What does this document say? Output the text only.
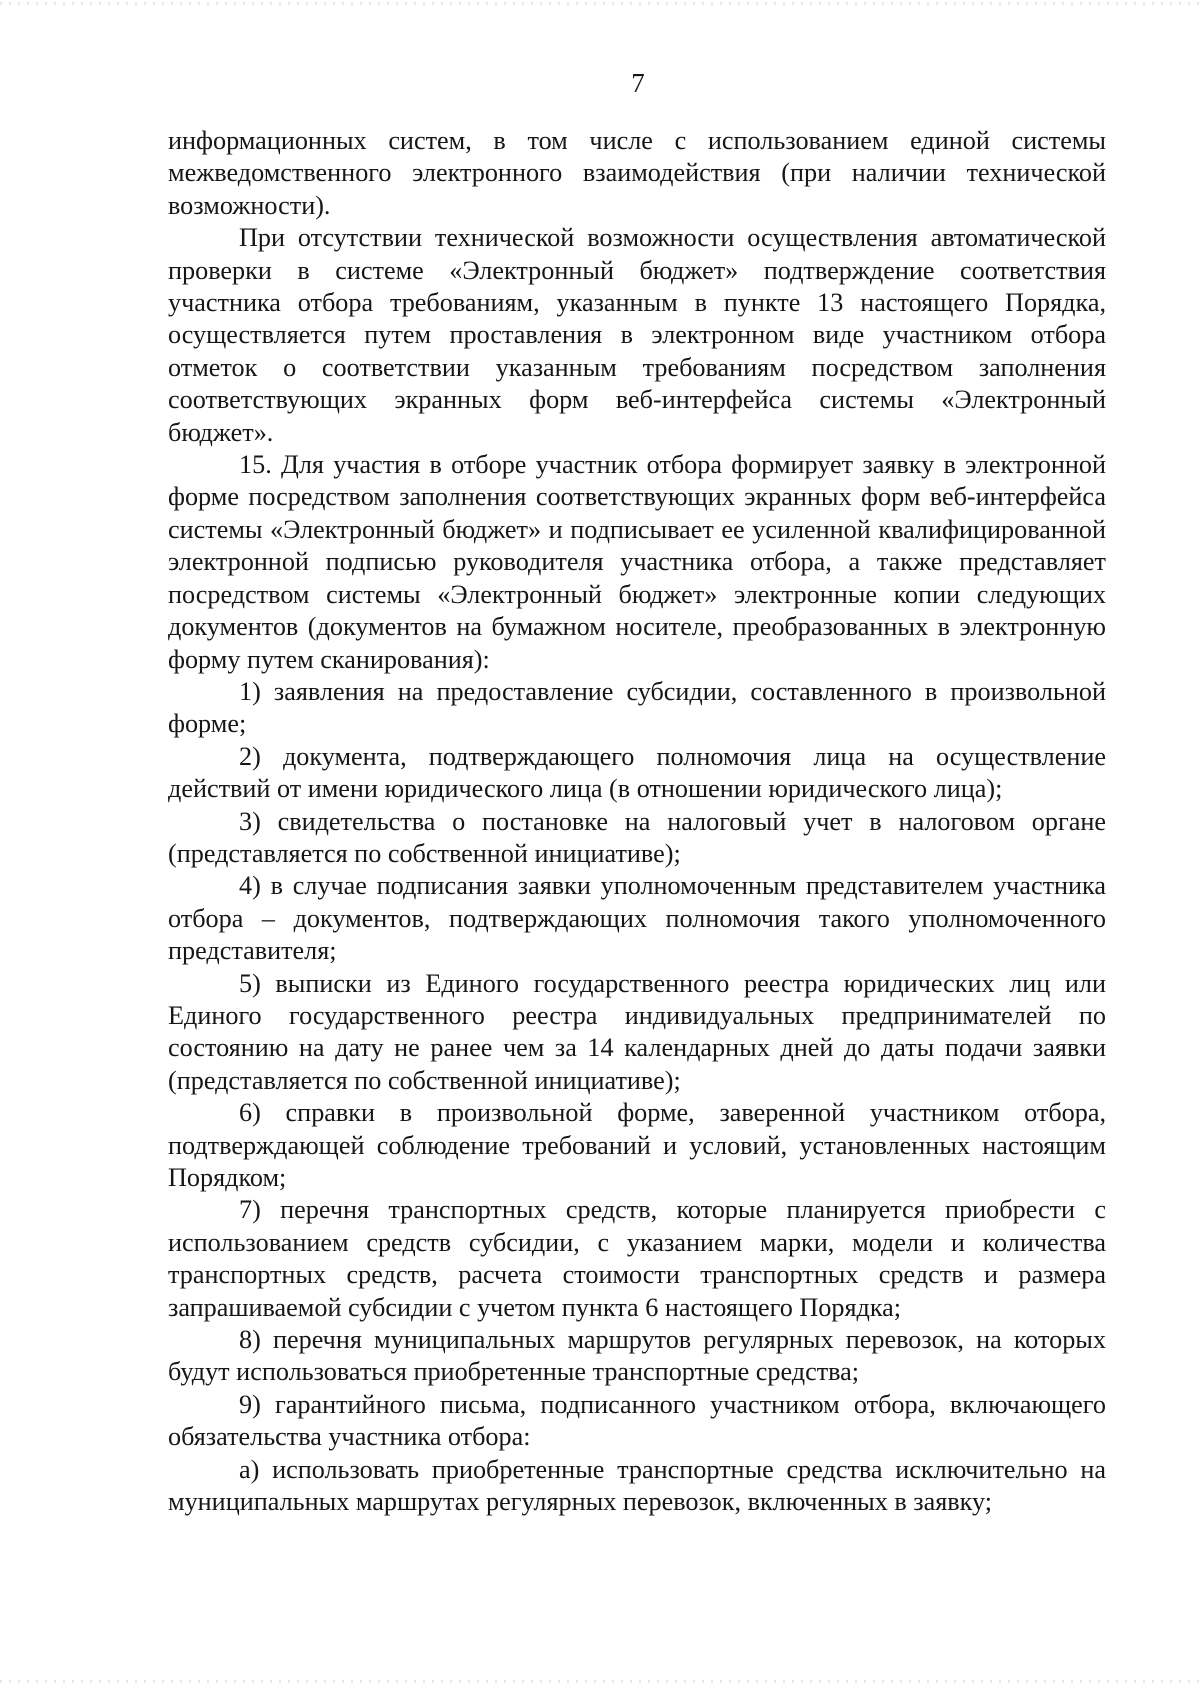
7

информационных систем, в том числе с использованием единой системы межведомственного электронного взаимодействия (при наличии технической возможности).

При отсутствии технической возможности осуществления автоматической проверки в системе «Электронный бюджет» подтверждение соответствия участника отбора требованиям, указанным в пункте 13 настоящего Порядка, осуществляется путем проставления в электронном виде участником отбора отметок о соответствии указанным требованиям посредством заполнения соответствующих экранных форм веб-интерфейса системы «Электронный бюджет».

15. Для участия в отборе участник отбора формирует заявку в электронной форме посредством заполнения соответствующих экранных форм веб-интерфейса системы «Электронный бюджет» и подписывает ее усиленной квалифицированной электронной подписью руководителя участника отбора, а также представляет посредством системы «Электронный бюджет» электронные копии следующих документов (документов на бумажном носителе, преобразованных в электронную форму путем сканирования):

1) заявления на предоставление субсидии, составленного в произвольной форме;

2) документа, подтверждающего полномочия лица на осуществление действий от имени юридического лица (в отношении юридического лица);

3) свидетельства о постановке на налоговый учет в налоговом органе (представляется по собственной инициативе);

4) в случае подписания заявки уполномоченным представителем участника отбора – документов, подтверждающих полномочия такого уполномоченного представителя;

5) выписки из Единого государственного реестра юридических лиц или Единого государственного реестра индивидуальных предпринимателей по состоянию на дату не ранее чем за 14 календарных дней до даты подачи заявки (представляется по собственной инициативе);

6) справки в произвольной форме, заверенной участником отбора, подтверждающей соблюдение требований и условий, установленных настоящим Порядком;

7) перечня транспортных средств, которые планируется приобрести с использованием средств субсидии, с указанием марки, модели и количества транспортных средств, расчета стоимости транспортных средств и размера запрашиваемой субсидии с учетом пункта 6 настоящего Порядка;

8) перечня муниципальных маршрутов регулярных перевозок, на которых будут использоваться приобретенные транспортные средства;

9) гарантийного письма, подписанного участником отбора, включающего обязательства участника отбора:

а) использовать приобретенные транспортные средства исключительно на муниципальных маршрутах регулярных перевозок, включенных в заявку;
